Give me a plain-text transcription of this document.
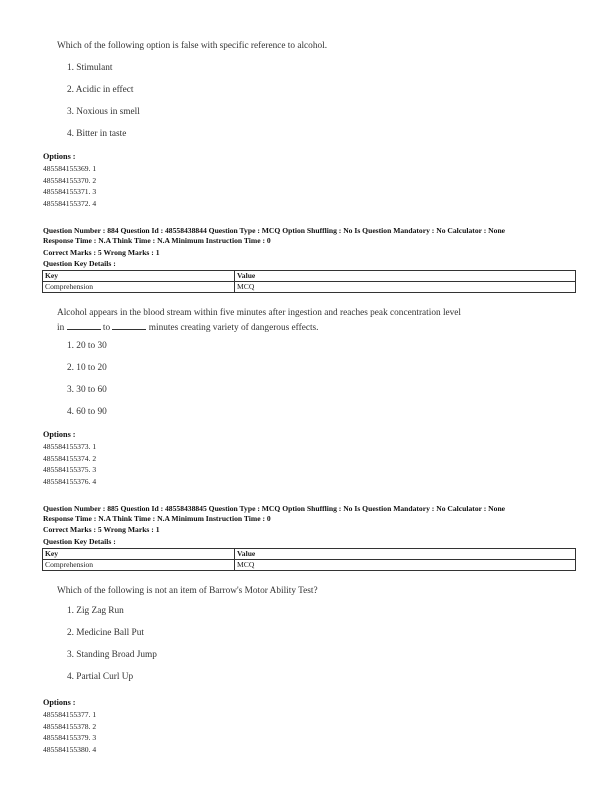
Which of the following option is false with specific reference to alcohol.
1. Stimulant
2. Acidic in effect
3. Noxious in smell
4. Bitter in taste
Options :
485584155369. 1
485584155370. 2
485584155371. 3
485584155372. 4
Question Number : 884 Question Id : 48558438844 Question Type : MCQ Option Shuffling : No Is Question Mandatory : No Calculator : None
Response Time : N.A Think Time : N.A Minimum Instruction Time : 0
Correct Marks : 5 Wrong Marks : 1
Question Key Details :
Key	Value
Comprehension	MCQ
Alcohol appears in the blood stream within five minutes after ingestion and reaches peak concentration level
in	to	minutes creating variety of dangerous effects.
1. 20 to 30
2. 10 to 20
3. 30 to 60
4. 60 to 90
Options :
485584155373. 1
485584155374. 2
485584155375. 3
485584155376. 4
Question Number : 885 Question Id : 48558438845 Question Type : MCQ Option Shuffling : No Is Question Mandatory : No Calculator : None
Response Time : N.A Think Time : N.A Minimum Instruction Time : 0
Correct Marks : 5 Wrong Marks : 1
Question Key Details :
Key	Value
Comprehension	MCQ
Which of the following is not an item of Barrow's Motor Ability Test?
1. Zig Zag Run
2. Medicine Ball Put
3. Standing Broad Jump
4. Partial Curl Up
Options :
485584155377. 1
485584155378. 2
485584155379. 3
485584155380. 4
